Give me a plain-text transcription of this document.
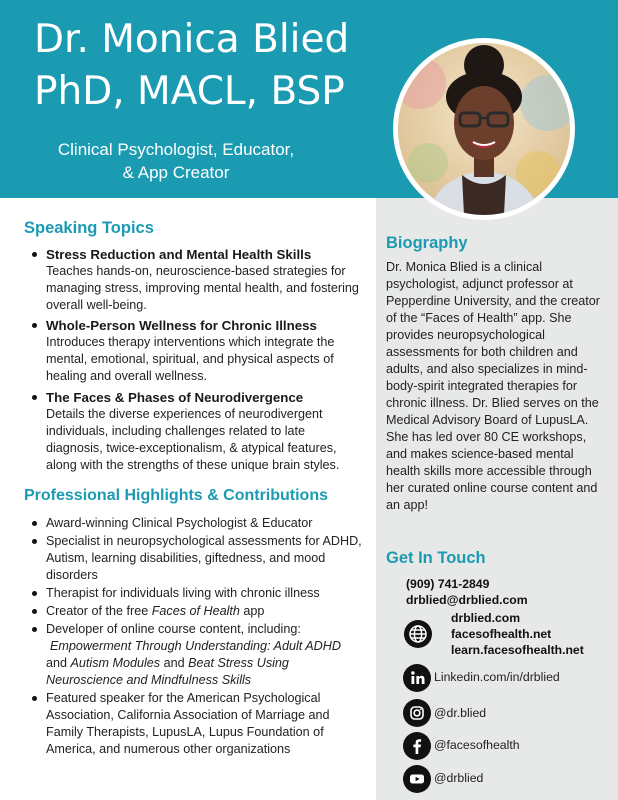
Dr. Monica Blied
PhD, MACL, BSP
Clinical Psychologist, Educator,
& App Creator
Speaking Topics
Stress Reduction and Mental Health Skills
Teaches hands-on, neuroscience-based strategies for managing stress, improving mental health, and fostering overall well-being.
Whole-Person Wellness for Chronic Illness
Introduces therapy interventions which integrate the mental, emotional, spiritual, and physical aspects of healing and overall wellness.
The Faces & Phases of Neurodivergence
Details the diverse experiences of neurodivergent individuals, including challenges related to late diagnosis, twice-exceptionalism, & atypical features, along with the strengths of these unique brain styles.
Professional Highlights & Contributions
Award-winning Clinical Psychologist & Educator
Specialist in neuropsychological assessments for ADHD, Autism, learning disabilities, giftedness, and mood disorders
Therapist for individuals living with chronic illness
Creator of the free Faces of Health app
Developer of online course content, including:
Empowerment Through Understanding: Adult ADHD and Autism Modules and Beat Stress Using Neuroscience and Mindfulness Skills
Featured speaker for the American Psychological Association, California Association of Marriage and Family Therapists, LupusLA, Lupus Foundation of America, and numerous other organizations
Biography
Dr. Monica Blied is a clinical psychologist, adjunct professor at Pepperdine University, and the creator of the “Faces of Health” app. She provides neuropsychological assessments for both children and adults, and also specializes in mind-body-spirit integrated therapies for chronic illness. Dr. Blied serves on the Medical Advisory Board of LupusLA. She has led over 80 CE workshops, and makes science-based mental health skills more accessible through her curated online course content and an app!
Get In Touch
(909) 741-2849
drblied@drblied.com
drblied.com
facesofhealth.net
learn.facesofhealth.net
Linkedin.com/in/drblied
@dr.blied
@facesofhealth
@drblied
